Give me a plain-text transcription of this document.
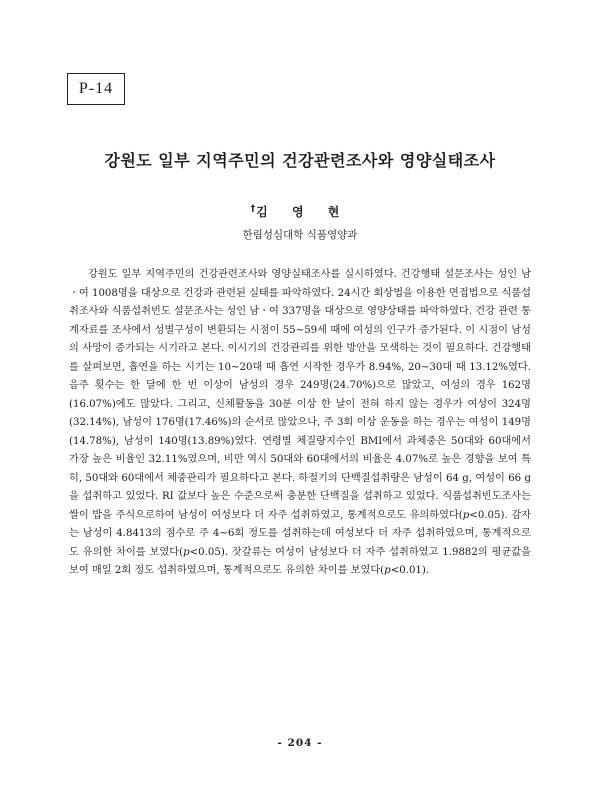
P-14
강원도 일부 지역주민의 건강관련조사와 영양실태조사
†김 영 현
한림성심대학 식품영양과

강원도 일부 지역주민의 건강관련조사와 영양실태조사를 실시하였다. 건강행태 설문조사는 성인 남ㆍ여 1008명을 대상으로 건강과 관련된 실태를 파악하였다. 24시간 회상법을 이용한 면접법으로 식품섭취조사와 식품섭취빈도 설문조사는 성인 남ㆍ여 337명을 대상으로 영양상태를 파악하였다. 건강 관련 통계자료를 조사에서 성별구성이 변환되는 시점이 55∼59세 때에 여성의 인구가 증가된다. 이 시점이 남성의 사망이 증가되는 시기라고 본다. 이시기의 건강관리를 위한 방안을 모색하는 것이 필요하다. 건강행태를 살펴보면, 흡연을 하는 시기는 10∼20대 때 흡연 시작한 경우가 8.94%, 20∼30대 때 13.12%였다. 음주 횟수는 한 달에 한 번 이상이 남성의 경우 249명(24.70%)으로 많았고, 여성의 경우 162명(16.07%)에도 많았다. 그리고, 신체활동을 30분 이상 한 날이 전혀 하지 않는 경우가 여성이 324명(32.14%), 남성이 176명(17.46%)의 순서로 많았으나, 주 3회 이상 운동을 하는 경우는 여성이 149명(14.78%), 남성이 140명(13.89%)였다. 연령별 체질량지수인 BMI에서 과체중은 50대와 60대에서 가장 높은 비율인 32.11%였으며, 비만 역시 50대와 60대에서의 비율은 4.07%로 높은 경향을 보여 특히, 50대와 60대에서 체중관리가 필요하다고 본다. 하절기의 단백질섭취량은 남성이 64 g, 여성이 66 g을 섭취하고 있었다. RI 값보다 높은 수준으로써 충분한 단백질을 섭취하고 있었다. 식품섭취빈도조사는 쌀이 밥을 주식으로하여 남성이 여성보다 더 자주 섭취하였고, 통계적으로도 유의하였다(p<0.05). 감자는 남성이 4.8413의 점수로 주 4∼6회 정도를 섭취하는데 여성보다 더 자주 섭취하였으며, 통계적으로도 유의한 차이를 보였다(p<0.05). 잣갈류는 여성이 남성보다 더 자주 섭취하였고 1.9882의 평균값을 보여 매일 2회 정도 섭취하였으며, 통계적으로도 유의한 차이를 보였다(p<0.01).

- 204 -
